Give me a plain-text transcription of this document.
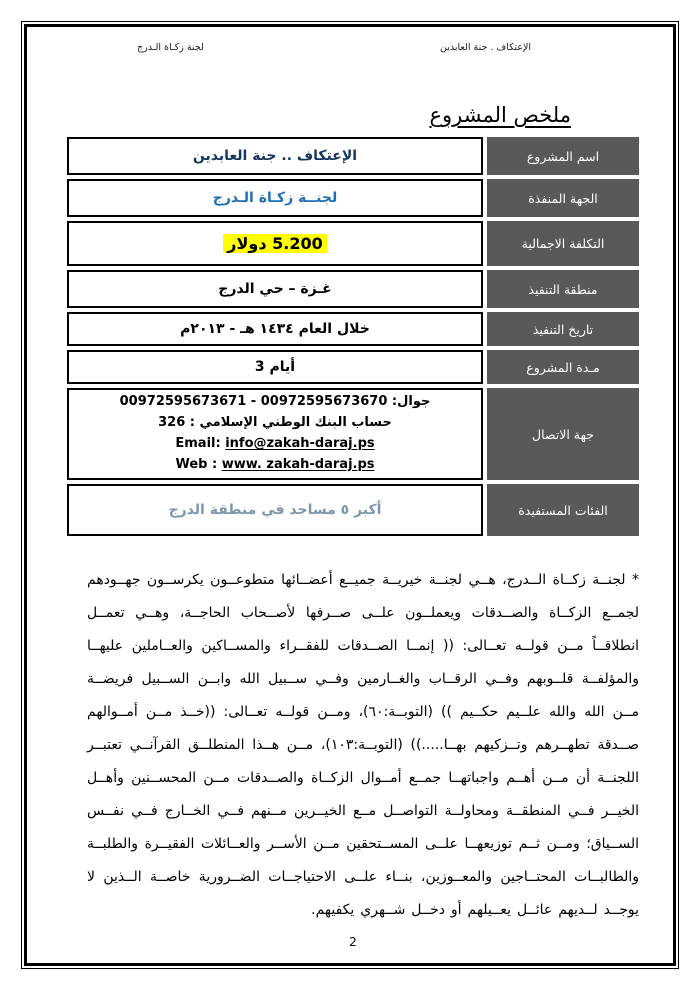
الإعتكاف . جنة العابدين
لجنة زكـاة الـدرج
ملخص المشروع
اسم المشروع	الإعتكاف .. جنة العابدين
الجهة المنفذة	لجنــة زكـاة الـدرج
التكلفة الاجمالية	5.200 دولار
منطقة التنفيذ	غـزة – حي الدرج
تاريخ التنفيذ	خلال العام ١٤٣٤ هـ - ٢٠١٣م
مـدة المشروع	3 أيام
جهة الاتصال	جوال: 00972595673670 - 00972595673671
حساب البنك الوطني الإسلامي : 326
Email: info@zakah-daraj.ps
Web : www. zakah-daraj.ps

الفئات المستفيدة	أكبر ٥ مساجد في منطقة الدرج
* لجنــة زكــاة الــدرج، هــي لجنــة خيريــة جميــع أعضــائها متطوعــون يكرســون جهــودهم لجمــع الزكــاة والصــدقات ويعملــون علــى صــرفها لأصــحاب الحاجــة، وهــي تعمــل انطلاقــاً مــن قولــه تعــالى: (( إنمــا الصــدقات للفقــراء والمســاكين والعــاملين عليهــا والمؤلفــة قلــوبهم وفــي الرقــاب والغــارمين وفــي ســبيل الله وابــن الســبيل فريضــة مــن الله والله علــيم حكــيم )) (التوبــة:٦٠)، ومــن قولــه تعــالى: ((خــذ مــن أمــوالهم صــدقة تطهــرهم وتــزكيهم بهــا.....)) (التوبــة:١٠٣)، مــن هــذا المنطلــق القرآنــي تعتبــر اللجنــة أن مــن أهــم واجباتهــا جمــع أمــوال الزكــاة والصــدقات مــن المحســنين وأهــل الخيــر فــي المنطقــة ومحاولــة التواصــل مــع الخيــرين مــنهم فــي الخــارج فــي نفــس الســياق؛ ومــن ثــم توزيعهــا علــى المســتحقين مــن الأســر والعــائلات الفقيــرة والطلبــة والطالبــات المحتــاجين والمعــوزين، بنــاء علــى الاحتياجــات الضــرورية خاصــة الــذين لا يوجــد لــديهم عائــل يعــيلهم أو دخــل شــهري يكفيهم.
2
